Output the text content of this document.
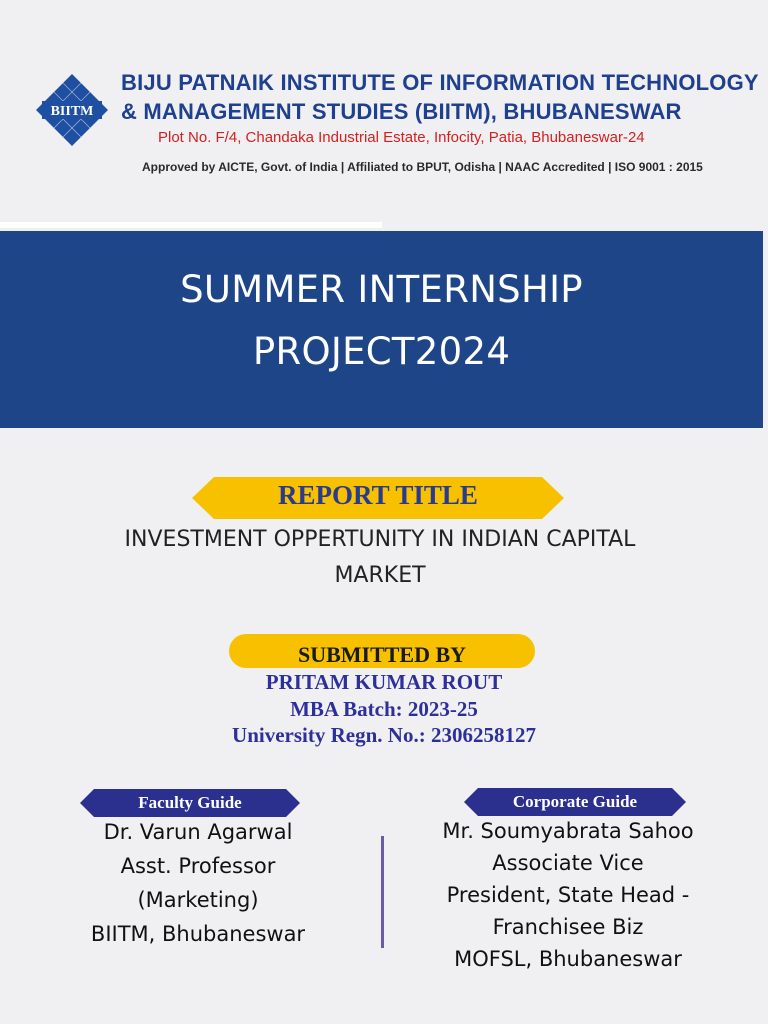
BIITM
BIJU PATNAIK INSTITUTE OF INFORMATION TECHNOLOGY
& MANAGEMENT STUDIES (BIITM), BHUBANESWAR
Plot No. F/4, Chandaka Industrial Estate, Infocity, Patia, Bhubaneswar-24
Approved by AICTE, Govt. of India | Affiliated to BPUT, Odisha | NAAC Accredited | ISO 9001 : 2015
SUMMER INTERNSHIP
PROJECT2024
REPORT TITLE
INVESTMENT OPPERTUNITY IN INDIAN CAPITAL
MARKET
SUBMITTED BY
PRITAM KUMAR ROUT
MBA Batch: 2023-25
University Regn. No.: 2306258127
Faculty Guide
Dr. Varun Agarwal
Asst. Professor
(Marketing)
BIITM, Bhubaneswar
Corporate Guide
Mr. Soumyabrata Sahoo
Associate Vice
President, State Head -
Franchisee Biz
MOFSL, Bhubaneswar
